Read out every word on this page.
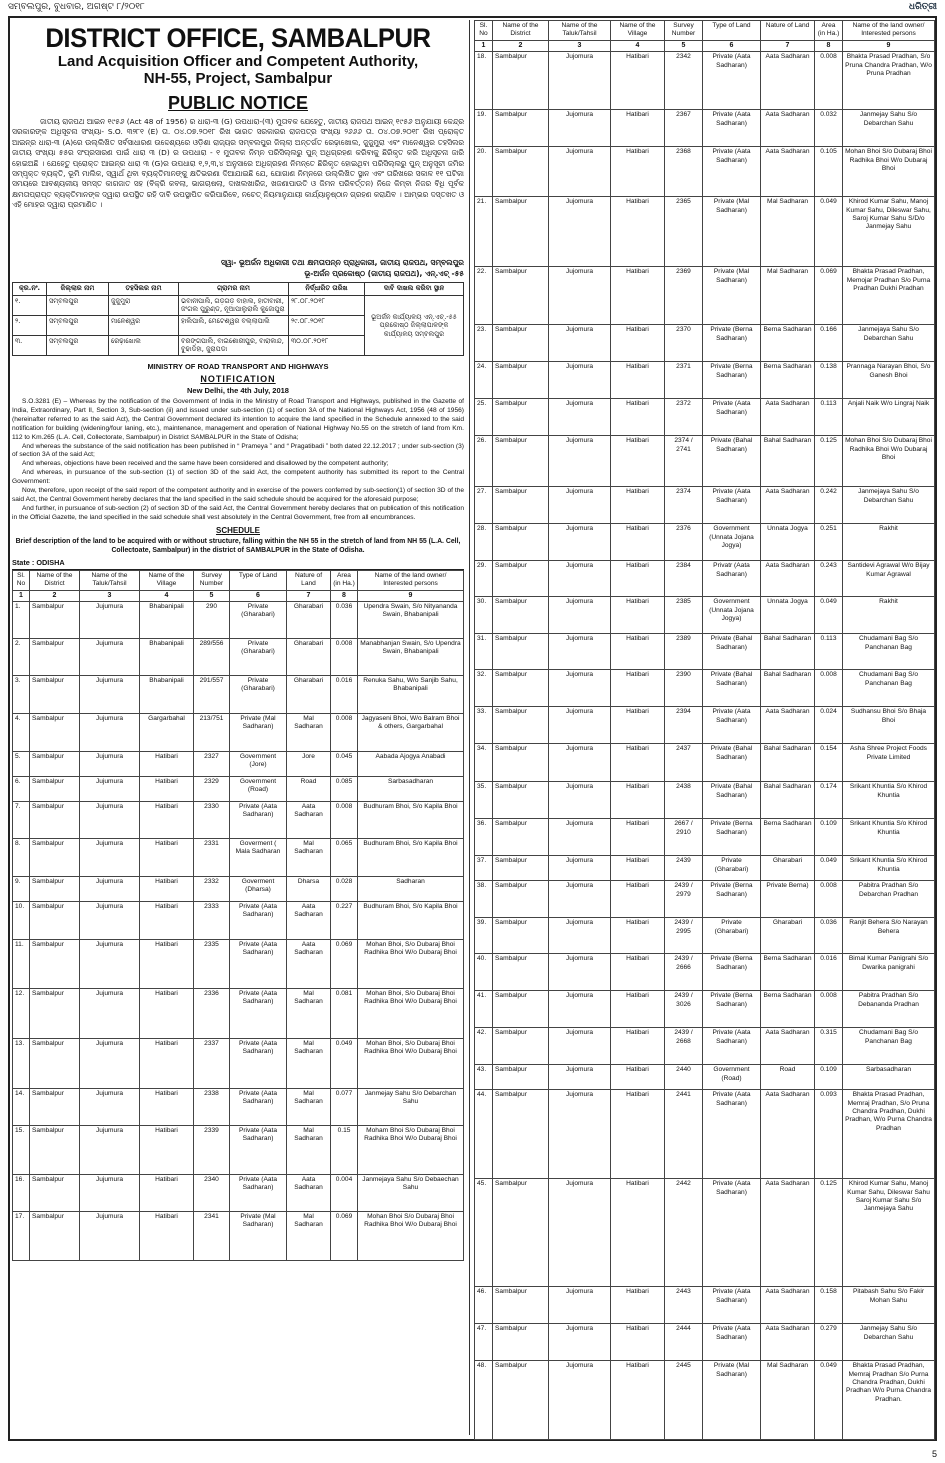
ସମ୍ବଲପୁର, ବୁଧବାର, ଅଗଷ୍ଟ ୮/୨୦୧୮	ଧରିତ୍ରୀ
DISTRICT OFFICE, SAMBALPUR
Land Acquisition Officer and Competent Authority,
NH-55, Project, Sambalpur
PUBLIC NOTICE
ଜାତୀୟ ରାଜପଥ ଆଇନ ୧୯୫୬ (Act 48 of 1956) ର ଧାରା-୩ (G) ଉପଧାରା-(୩) ମୁତାବକ ଯେହେତୁ, ଜାତୀୟ ରାଜପଥ ଆଇନ୍ ୧୯୫୬ ଅନୁଯାୟୀ କେନ୍ଦ୍ର ସରକାରଙ୍କ ଅଧିସୂଚନା ସଂଖ୍ୟା- S.O. ୩୨୮୧ (E) ତା. ୦୪.୦୭.୨୦୧୮ ରିଖ ଭାରତ ସରକାରର ରାଜପତ୍ର ସଂଖ୍ୟା ୨୬୬୬ ତା. ୦୪.୦୭.୨୦୧୮ ରିଖ ପ୍ରୋକ୍ତ ଆଇନ୍‌ର ଧାରା-୩ (A)ରେ ଉଲ୍ଲିଖିତ ସର୍ବସାଧାରଣ ଉଦ୍ଦେଶ୍ୟରେ ଓଡ଼ିଶା ରାଜ୍ୟର ସମ୍ବଲପୁର ଜିଲ୍ଲା ଅନ୍ତର୍ଗତ ରେଢ଼ାଖୋଲ, ଜୁଜୁମୁରା ଏବଂ ମାନେଶ୍ୱର ତହସିଲର ଜାତୀୟ ସଂଖ୍ୟା ୫୫ର ସଂପ୍ରସାରଣ ପାଇଁ ଧାରା ୩ (D) ର ଉପଧାରା - ୧ ମୁତାବକ ନିମ୍ନ ପରିସିଲ୍ଲରୁ ପୁନ୍ ଅଧିଗ୍ରହଣ କରିବାକୁ ଛିରିକୃତ କରି ଅଧିସୂଚନା ଜାରି ହୋଇଅଛି । ଯେହେତୁ ପ୍ରୋକ୍ତ ଆଇନ୍‌ର ଧାରା ୩ (G)ର ଉପଧାରା ୧,୨,୩,୪ ଅନୁସାରେ ଅଧିଗ୍ରହଣ ନିମନ୍ତେ ଛିରିକୃତ ହୋଇଥିବା ପରିସିଲ୍ଲରୁ ପୁନ୍ ଅନୁସୂଚୀ ଜମିର ସମ୍ପୃକ୍ତ ବ୍ୟକ୍ତି, ଭୂମି ମାଲିକ, ସ୍ୱାର୍ଥ ଥିବା ବ୍ୟକ୍ତିମାନଙ୍କୁ କ୍ଷତିଭରଣା ଦିଆଯାଇଛି ଯେ, ଯୋଗାଣ ନିମ୍ନରେ ଉଲ୍ଲିଖିତ ସ୍ଥାନ ଏବଂ ତାରିଖରେ ସକାଳ ୧୧ ଘଟିକା ସମୟରେ ଆବଶ୍ୟକୀୟ ସମସ୍ତ କାଗଜାତ ସହ (ବିକ୍ରି କବଲା, ଭାଗଚାଷଲା, ଦାଖଲଖାରିଜ, ଖଜଣାପାଉତି ଓ ଜିମନ ପରିବର୍ତ୍ତନ) ନିଜେ କିମ୍ବା ନିଜର ବିଧି ପୂର୍ବକ କ୍ଷମତାପ୍ରାପ୍ତ ବ୍ୟକ୍ତିମାନଙ୍କ ଦ୍ୱାରା ଉପସ୍ଥିତ ରହି ଦାବି ଉପସ୍ଥାପିତ କରିପାରିବେ, ନଚେତ୍ ନିୟମାନୁଯାୟୀ କାର୍ଯ୍ୟାନୁଷ୍ଠାନ ଗ୍ରହଣ କରାଯିବ । ଆମ୍ଭର ଦସ୍ତଖତ ଓ ଏହି ମୋହର ଦ୍ୱାରା ପ୍ରମାଣିତ ।
ସ୍ୱା- ଭୂଅର୍ଜନ ଅଧିକାରୀ ତଥା କ୍ଷମତାପନ୍ନ ପ୍ରାଧିକାରୀ, ଜାତୀୟ ରାଜପଥ, ସମ୍ବଲପୁର
ଭୂ-ଅର୍ଜନ ପ୍ରକୋଷ୍ଠ (ଜାତୀୟ ରାଜପଥ), ଏନ୍.ଏଚ୍ -୫୫
କ୍ର.ନଂ.	ଜିଲ୍ଲାର ନାମ	ତହସିଲର ନାମ	ଗ୍ରାମର ନାମ	ନିର୍ଦ୍ଧାରିତ ତାରିଖ	ଦାବି ଦାଖଲ କରିବା ସ୍ଥାନ
୧.	ସମ୍ବଲପୁର	ଜୁଜୁମୁରା	ଭବାନୀପାଲି, ଗଡ଼ଗଡ଼ ବାହାଲ, ହାତୀବାରୀ, ଜଂଗଲ ପୁରୁଣ୍ଡ, ନୂଆପାଲୁରାଲି କୁଜୋପୁରା	୨୮.୦୮.୨୦୧୮	ଭୂଅର୍ଜନ କାର୍ଯ୍ୟାଳୟ ଏନ୍.ଏଚ୍.-୫୫ ପ୍ରକୋଷ୍ଠ ଜିଲ୍ଲାପାଳଙ୍କ କାର୍ଯ୍ୟାଳୟ ସମ୍ବଲପୁର
୨.	ସମ୍ବଲପୁର	ମାନେଶ୍ୱର	ହାଲିପାଲି, ମେଟେଶ୍ୱର ବଲ୍ଲାପାଲି	୨୯.୦୮.୨୦୧୮	
୩.	ସମ୍ବଲପୁର	ରେଢ଼ାଖୋଲ	ବରଙ୍ଗପାଲି, ବାଇଶୋରୀପୁର, ବାରାକାନ୍ଦ, ବୁଢାଡିହା, ଜୁରାପଡା	୩୦.୦୮.୨୦୧୮	
MINISTRY OF ROAD TRANSPORT AND HIGHWAYS
NOTIFICATION
New Delhi, the 4th July, 2018

S.O.3281 (E) – Whereas by the notification of the Government of India in the Ministry of Road Transport and Highways, published in the Gazette of India, Extraordinary, Part II, Section 3, Sub-section (ii) and issued under sub-section (1) of section 3A of the National Highways Act, 1956 (48 of 1956) (hereinafter referred to as the said Act), the Central Government declared its intention to acquire the land specified in the Schedule annexed to the said notification for building (widening/four laning, etc.), maintenance, management and operation of National Highway No.55 on the stretch of land from Km. 112 to Km.265 (L.A. Cell, Collectorate, Sambalpur) in District SAMBALPUR in the State of Odisha;

And whereas the substance of the said notification has been published in “ Prameya ” and “ Pragatibadi ” both dated 22.12.2017 ; under sub-section (3) of section 3A of the said Act;

And whereas, objections have been received and the same have been considered and disallowed by the competent authority;

And whereas, in pursuance of the sub-section (1) of section 3D of the said Act, the competent authority has submitted its report to the Central Government:

Now, therefore, upon receipt of the said report of the competent authority and in exercise of the powers conferred by sub-section(1) of section 3D of the said Act, the Central Government hereby declares that the land specified in the said schedule should be acquired for the aforesaid purpose;

And further, in pursuance of sub-section (2) of section 3D of the said Act, the Central Government hereby declares that on publication of this notification in the Official Gazette, the land specified in the said schedule shall vest absolutely in the Central Government, free from all encumbrances.

SCHEDULE
Brief description of the land to be acquired with or without structure, falling within the NH 55 in the stretch of land from NH 55 (L.A. Cell, Collectoate, Sambalpur) in the district of SAMBALPUR in the State of Odisha.
State : ODISHA
Sl. No	Name of the District	Name of the Taluk/Tahsil	Name of the Village	Survey Number	Type of Land	Nature of Land	Area (in Ha.)	Name of the land owner/ Interested persons
1	2	3	4	5	6	7	8	9
1.	Sambalpur	Jujumura	Bhabanipali	290	Private (Gharabari)	Gharabari	0.036	Upendra Swain, S/o Nityananda Swain, Bhabanipali
2.	Sambalpur	Jujumura	Bhabanipali	289/556	Private (Gharabari)	Gharabari	0.008	Manabhanjan Swain, S/o Upendra Swain, Bhabanipali
3.	Sambalpur	Jujumura	Bhabanipali	291/557	Private (Gharabari)	Gharabari	0.016	Renuka Sahu, W/o Sanjib Sahu, Bhabanipali
4.	Sambalpur	Jujumura	Gargarbahal	213/751	Private (Mal Sadharan)	Mal Sadharan	0.008	Jagyaseni Bhoi, W/o Balram Bhoi & others, Gargarbahal
5.	Sambalpur	Jujumura	Hatibari	2327	Government (Jore)	Jore	0.045	Aabada Ajogya Anabadi
6.	Sambalpur	Jujumura	Hatibari	2329	Government (Road)	Road	0.085	Sarbasadharan
7.	Sambalpur	Jujumura	Hatibari	2330	Private (Aata Sadharan)	Aata Sadharan	0.008	Budhuram Bhoi, S/o Kapila Bhoi
8.	Sambalpur	Jujumura	Hatibari	2331	Goverment ( Mala Sadharan	Mal Sadharan	0.065	Budhuram Bhoi, S/o Kapila Bhoi
9.	Sambalpur	Jujumura	Hatibari	2332	Goverment (Dharsa)	Dharsa	0.028	Sadharan
10.	Sambalpur	Jujumura	Hatibari	2333	Private (Aata Sadharan)	Aata Sadharan	0.227	Budhuram Bhoi, S/o Kapila Bhoi
11.	Sambalpur	Jujumura	Hatibari	2335	Private (Aata Sadharan)	Aata Sadharan	0.069	Mohan Bhoi, S/o Dubaraj Bhoi Radhika Bhoi W/o Dubaraj Bhoi
12.	Sambalpur	Jujumura	Hatibari	2336	Private (Aata Sadharan)	Mal Sadharan	0.081	Mohan Bhoi, S/o Dubaraj Bhoi Radhika Bhoi W/o Dubaraj Bhoi
13.	Sambalpur	Jujumura	Hatibari	2337	Private (Aata Sadharan)	Mal Sadharan	0.049	Mohan Bhoi, S/o Dubaraj Bhoi Radhika Bhoi W/o Dubaraj Bhoi
14.	Sambalpur	Jujumura	Hatibari	2338	Private (Aata Sadharan)	Mal Sadharan	0.077	Janmejay Sahu S/o Debarchan Sahu
15.	Sambalpur	Jujumura	Hatibari	2339	Private (Aata Sadharan)	Mal Sadharan	0.15	Moham Bhoi S/o Dubaraj Bhoi Radhika Bhoi W/o Dubaraj Bhoi
16.	Sambalpur	Jujumura	Hatibari	2340	Private (Aata Sadharan)	Aata Sadharan	0.004	Janmejaya Sahu S/o Debaechan Sahu
17.	Sambalpur	Jujumura	Hatibari	2341	Private (Mal Sadharan)	Mal Sadharan	0.069	Mohan Bhoi S/o Dubaraj Bhoi Radhika Bhoi W/o Dubaraj Bhoi
Sl. No	Name of the District	Name of the Taluk/Tahsil	Name of the Village	Survey Number	Type of Land	Nature of Land	Area (in Ha.)	Name of the land owner/ Interested persons
1	2	3	4	5	6	7	8	9
18.	Sambalpur	Jujomura	Hatibari	2342	Private (Aata Sadharan)	Aata Sadharan	0.008	Bhakta Prasad Pradhan, S/o Pruna Chandra Pradhan, W/o Pruna Pradhan
19.	Sambalpur	Jujomura	Hatibari	2367	Private (Aata Sadharan)	Aata Sadharan	0.032	Janmejay Sahu S/o Debarchan Sahu
20.	Sambalpur	Jujomura	Hatibari	2368	Private (Aata Sadharan)	Aata Sadharan	0.105	Mohan Bhoi S/o Dubaraj Bhoi Radhika Bhoi W/o Dubaraj Bhoi
21.	Sambalpur	Jujomura	Hatibari	2365	Private (Mal Sadharan)	Mal Sadharan	0.049	Khirod Kumar Sahu, Manoj Kumar Sahu, Dileswar Sahu, Saroj Kumar Sahu S/D/o Janmejay Sahu
22.	Sambalpur	Jujomura	Hatibari	2369	Private (Mal Sadharan)	Mal Sadharan	0.069	Bhakta Prasad Pradhan, Memojar Pradhan S/o Purna Pradhan Dukhi Pradhan
23.	Sambalpur	Jujomura	Hatibari	2370	Private (Berna Sadharan)	Berna Sadharan	0.166	Janmejaya Sahu S/o Debarchan Sahu
24.	Sambalpur	Jujomura	Hatibari	2371	Private (Berna Sadharan)	Berna Sadharan	0.138	Prannaga Narayan Bhoi, S/o Ganesh Bhoi
25.	Sambalpur	Jujomura	Hatibari	2372	Private (Aata Sadharan)	Aata Sadharan	0.113	Anjali Naik W/o Lingraj Naik
26.	Sambalpur	Jujomura	Hatibari	2374 / 2741	Private (Bahal Sadharan)	Bahal Sadharan	0.125	Mohan Bhoi S/o Dubaraj Bhoi Radhika Bhoi W/o Dubaraj Bhoi
27.	Sambalpur	Jujomura	Hatibari	2374	Private (Aata Sadharan)	Aata Sadharan	0.242	Janmejaya Sahu S/o Debarchan Sahu
28.	Sambalpur	Jujomura	Hatibari	2376	Government (Unnata Jojana Jogya)	Unnata Jogya	0.251	Rakhit
29.	Sambalpur	Jujomura	Hatibari	2384	Privatr (Aata Sadharan)	Aata Sadharan	0.243	Santidevi Agrawal W/o Bijay Kumar Agrawal
30.	Sambalpur	Jujomura	Hatibari	2385	Government (Unnata Jojana Jogya)	Unnata Jogya	0.049	Rakhit
31.	Sambalpur	Jujomura	Hatibari	2389	Private (Bahal Sadharan)	Bahal Sadharan	0.113	Chudamani Bag S/o Panchanan Bag
32.	Sambalpur	Jujomura	Hatibari	2390	Private (Bahal Sadharan)	Bahal Sadharan	0.008	Chudamani Bag S/o Panchanan Bag
33.	Sambalpur	Jujomura	Hatibari	2394	Private (Aata Sadharan)	Aata Sadharan	0.024	Sudhansu Bhoi S/o Bhaja Bhoi
34.	Sambalpur	Jujomura	Hatibari	2437	Private (Bahal Sadharan)	Bahal Sadharan	0.154	Asha Shree Project Foods Private Limited
35.	Sambalpur	Jujomura	Hatibari	2438	Private (Bahal Sadharan)	Bahal Sadharan	0.174	Srikant Khuntia S/o Khirod Khuntia
36.	Sambalpur	Jujomura	Hatibari	2667 / 2910	Private (Berna Sadharan)	Berna Sadharan	0.109	Srikant Khuntia S/o Khirod Khuntia
37.	Sambalpur	Jujomura	Hatibari	2439	Private (Gharabari)	Gharabari	0.049	Srikant Khuntia S/o Khirod Khuntia
38.	Sambalpur	Jujomura	Hatibari	2439 / 2979	Private (Berna Sadharan)	Private Berna)	0.008	Pabitra Pradhan S/o Debarchan Pradhan
39.	Sambalpur	Jujomura	Hatibari	2439 / 2995	Private (Gharabari)	Gharabari	0.036	Ranjit Behera S/o Narayan Behera
40.	Sambalpur	Jujomura	Hatibari	2439 / 2666	Private (Berna Sadharan)	Berna Sadharan	0.016	Bimal Kumar Panigrahi S/o Dwarika panigrahi
41.	Sambalpur	Jujomura	Hatibari	2439 / 3026	Private (Berna Sadharan)	Berna Sadharan	0.008	Pabitra Pradhan S/o Debananda Pradhan
42.	Sambalpur	Jujomura	Hatibari	2439 / 2668	Private (Aata Sadharan)	Aata Sadharan	0.315	Chudamani Bag S/o Panchanan Bag
43.	Sambalpur	Jujomura	Hatibari	2440	Government (Road)	Road	0.109	Sarbasadharan
44.	Sambalpur	Jujomura	Hatibari	2441	Private (Aata Sadharan)	Aata Sadharan	0.093	Bhakta Prasad Pradhan, Memraj Pradhan, S/o Pruna Chandra Pradhan, Dukhi Pradhan, W/o Purna Chandra Pradhan
45.	Sambalpur	Jujomura	Hatibari	2442	Private (Aata Sadharan)	Aata Sadharan	0.125	Khirod Kumar Sahu, Manoj Kumar Sahu, Dileswar Sahu Saroj Kumar Sahu S/o Janmejaya Sahu
46.	Sambalpur	Jujomura	Hatibari	2443	Private (Aata Sadharan)	Aata Sadharan	0.158	Pitabash Sahu S/o Fakir Mohan Sahu
47.	Sambalpur	Jujomura	Hatibari	2444	Private (Aata Sadharan)	Aata Sadharan	0.279	Janmejay Sahu S/o Debarchan Sahu
48.	Sambalpur	Jujomura	Hatibari	2445	Private (Mal Sadharan)	Mal Sadharan	0.049	Bhakta Prasad Pradhan, Memraj Pradhan S/o Purna Chandra Pradhan, Dukhi Pradhan W/o Purna Chandra Pradhan.
5
